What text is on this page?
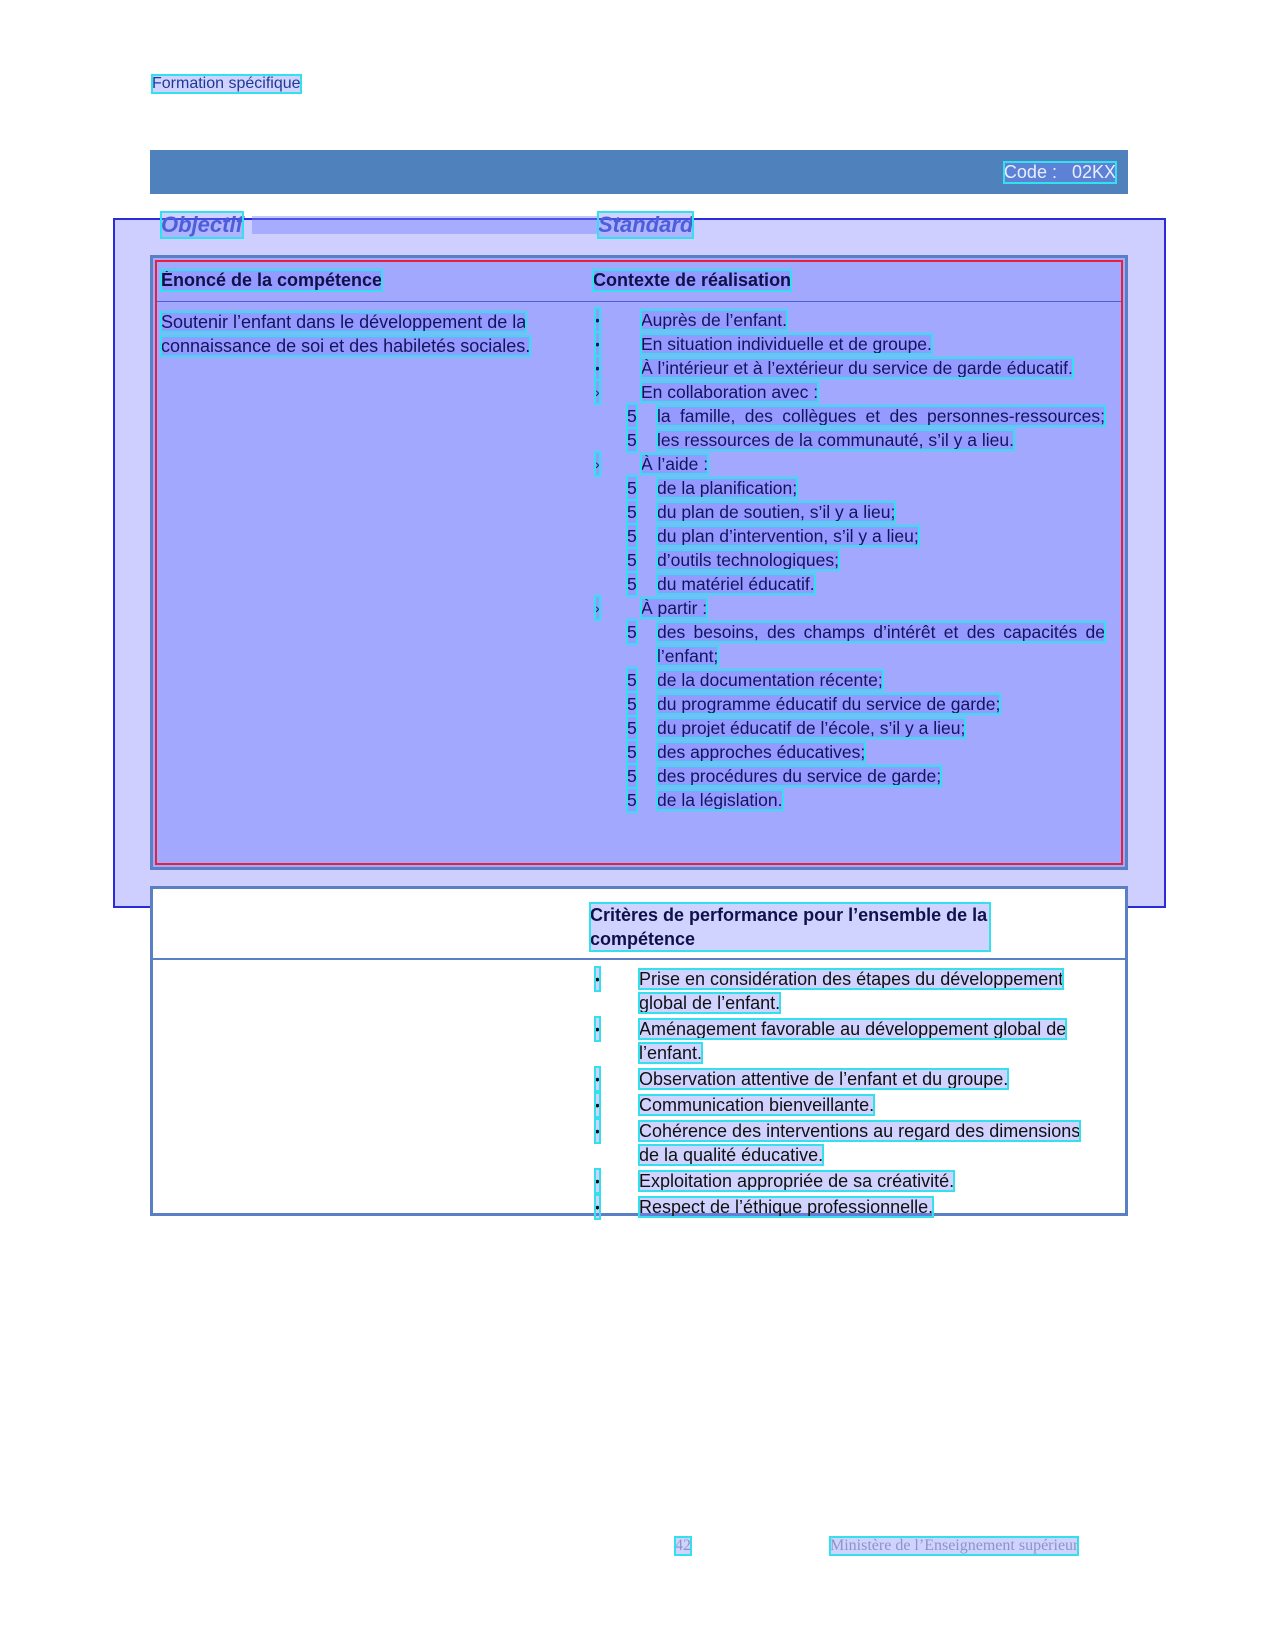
Formation spécifique
Code :   02KX
Objectif	Standard
Énoncé de la compétence	Contexte de réalisation
Soutenir l’enfant dans le développement de la connaissance de soi et des habiletés sociales.
• Auprès de l’enfant.
• En situation individuelle et de groupe.
• À l’intérieur et à l’extérieur du service de garde éducatif.
› En collaboration avec :
5 la famille, des collègues et des personnes-ressources;
5 les ressources de la communauté, s’il y a lieu.
› À l’aide :
5 de la planification;
5 du plan de soutien, s’il y a lieu;
5 du plan d’intervention, s’il y a lieu;
5 d’outils technologiques;
5 du matériel éducatif.
› À partir :
5 des besoins, des champs d’intérêt et des capacités de l’enfant;
5 de la documentation récente;
5 du programme éducatif du service de garde;
5 du projet éducatif de l’école, s’il y a lieu;
5 des approches éducatives;
5 des procédures du service de garde;
5 de la législation.
Critères de performance pour l’ensemble de la compétence
• Prise en considération des étapes du développement global de l’enfant.
• Aménagement favorable au développement global de l’enfant.
• Observation attentive de l’enfant et du groupe.
• Communication bienveillante.
• Cohérence des interventions au regard des dimensions de la qualité éducative.
• Exploitation appropriée de sa créativité.
• Respect de l’éthique professionnelle.
42	Ministère de l’Enseignement supérieur
